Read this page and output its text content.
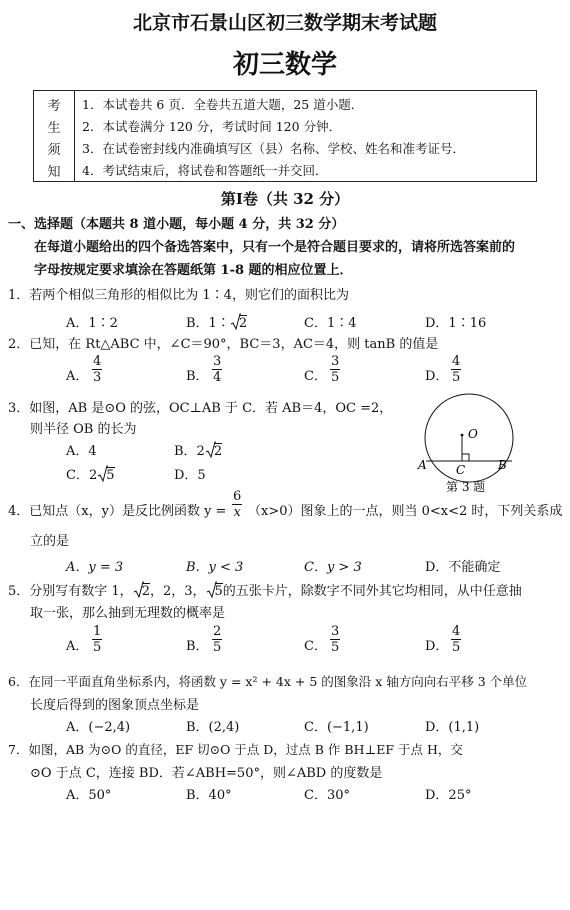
北京市石景山区初三数学期末考试题
初三数学
考
生
须
知
1．本试卷共 6 页．全卷共五道大题，25 道小题．
2．本试卷满分 120 分，考试时间 120 分钟．
3．在试卷密封线内准确填写区（县）名称、学校、姓名和准考证号．
4．考试结束后，将试卷和答题纸一并交回．
第Ⅰ卷（共 32 分）
一、选择题（本题共 8 道小题，每小题 4 分，共 32 分）
在每道小题给出的四个备选答案中，只有一个是符合题目要求的，请将所选答案前的
字母按规定要求填涂在答题纸第 1-8 题的相应位置上．
1．若两个相似三角形的相似比为 1∶4，则它们的面积比为
A．1∶2	B．1∶ 2	C．1∶4	D．1∶16
2．已知，在 Rt△ABC 中，∠C＝90°，BC＝3，AC＝4，则 tanB 的值是
A． $\frac{4}{3}$	B． $\frac{3}{4}$	C． $\frac{3}{5}$	D． $\frac{4}{5}$
3．如图，AB 是⊙O 的弦，OC⊥AB 于 C．若 AB＝4，OC =2，
则半径 OB 的长为
A．4	B．2 2
C．2 5	D．5
O
A	B
C
第 3 题
4．已知点（x，y）是反比例函数 $y = \frac{6}{x} (x>0)$图象上的一点，则当 0<x<2 时，下列关系成
立的是
A．y = 3	B．y < 3	C．y > 3	D．不能确定
5．分别写有数字 1， 2，2，3， 5的五张卡片，除数字不同外其它均相同，从中任意抽
取一张，那么抽到无理数的概率是
A． $\frac{1}{5}$	B． $\frac{2}{5}$	C． $\frac{3}{5}$	D． $\frac{4}{5}$
6．在同一平面直角坐标系内，将函数 y = x² + 4x + 5 的图象沿 x 轴方向向右平移 3 个单位
长度后得到的图象顶点坐标是
A．(−2,4)	B．(2,4)	C．(−1,1)	D．(1,1)
7．如图，AB 为⊙O 的直径，EF 切⊙O 于点 D，过点 B 作 BH⊥EF 于点 H，交
⊙O 于点 C，连接 BD．若∠ABH=50°，则∠ABD 的度数是
A．50°	B．40°	C．30°	D．25°
